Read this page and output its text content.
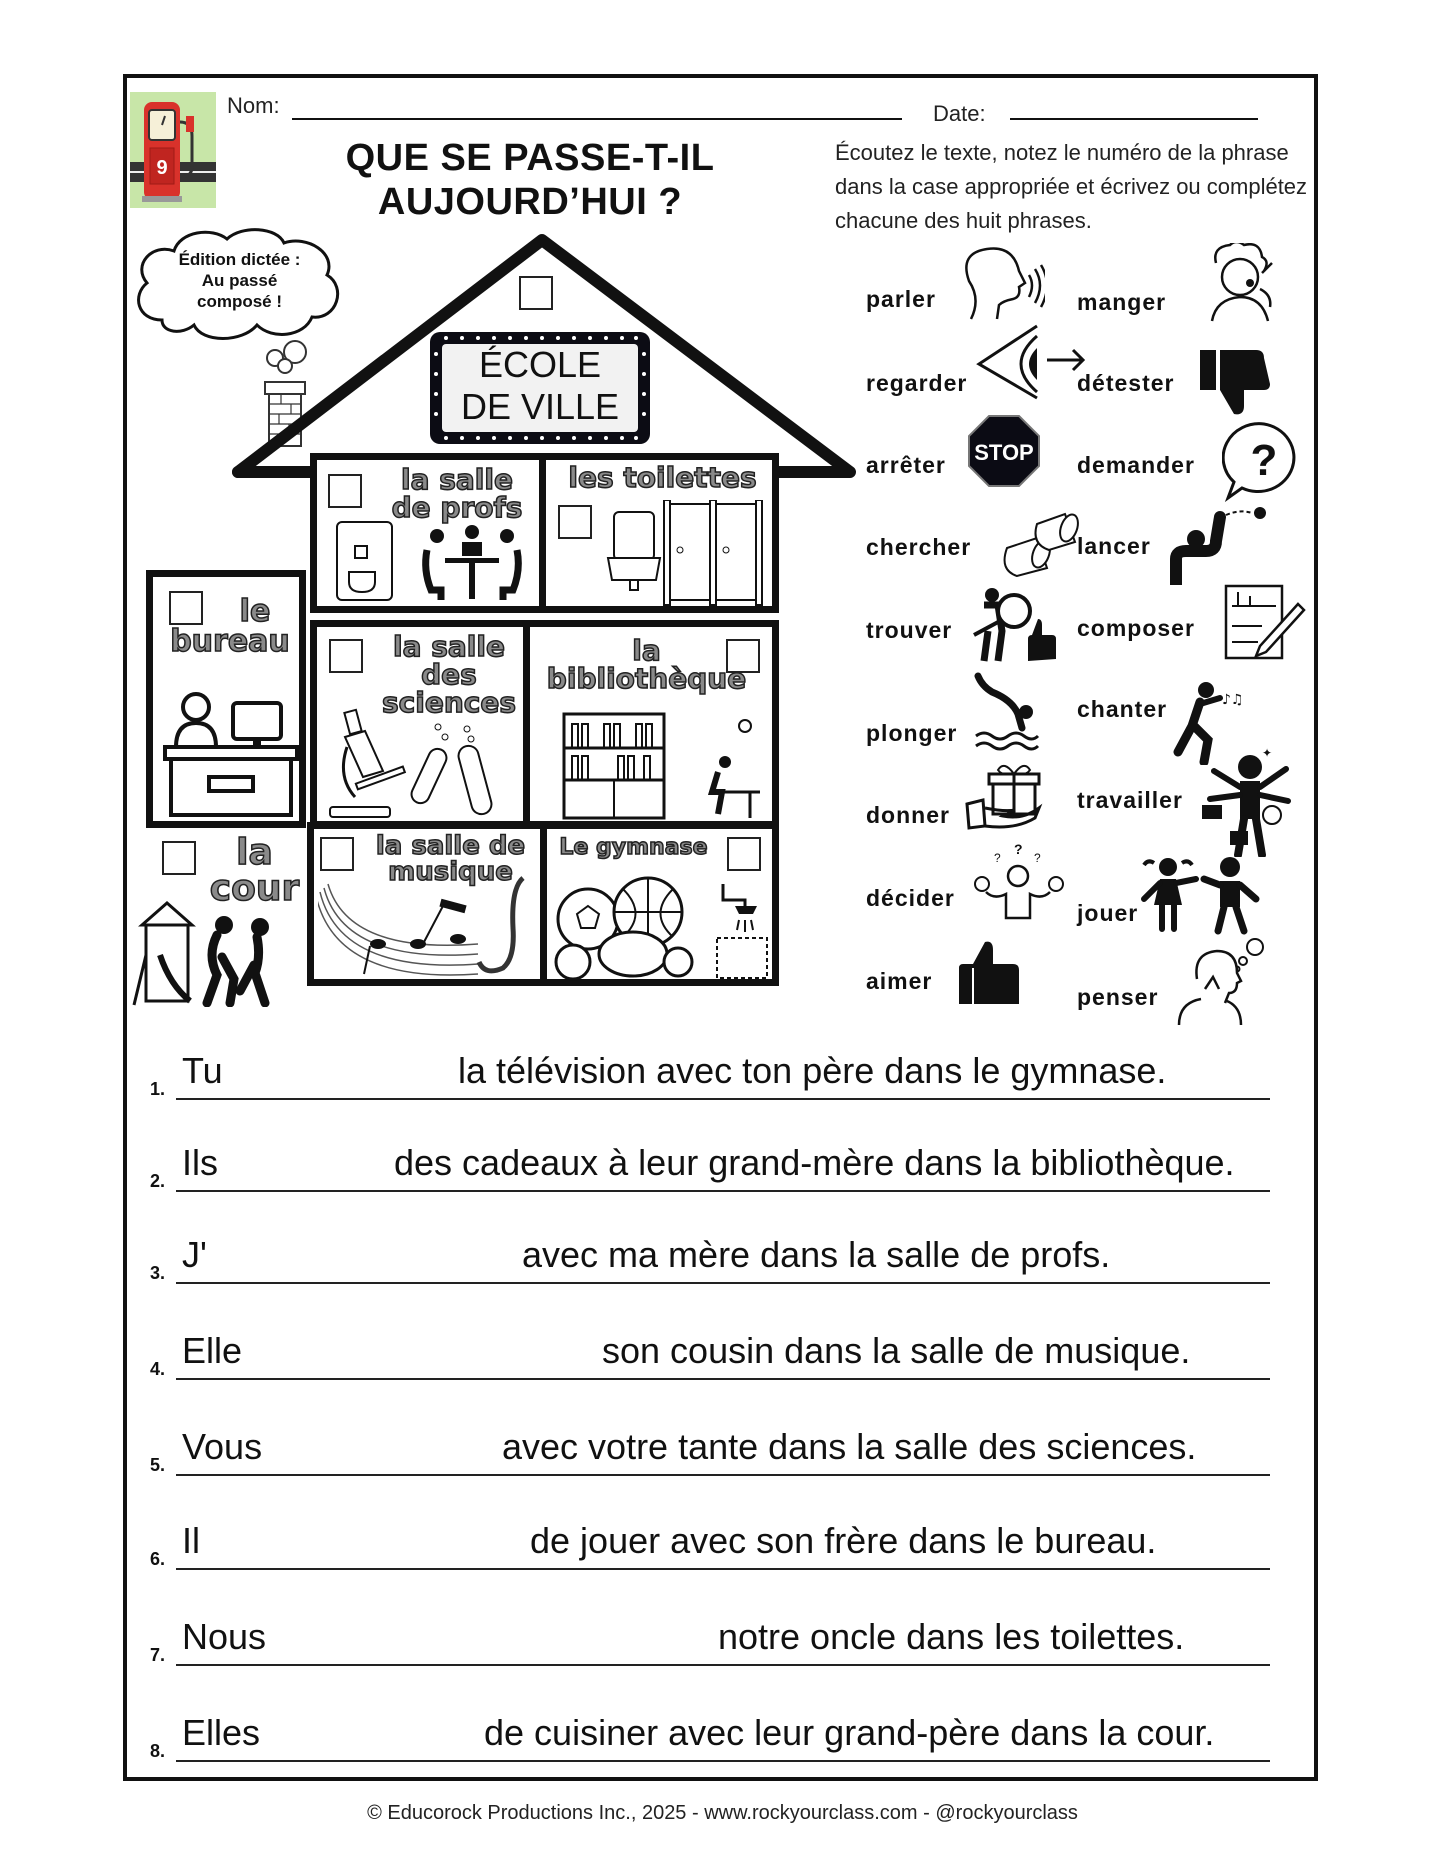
9
Nom:	Date:
QUE SE PASSE-T-IL
AUJOURD’HUI ?
Écoutez le texte, notez le numéro de la phrase dans la case appropriée et écrivez ou complétez chacune des huit phrases.
Édition dictée :
Au passé
composé !
ÉCOLE
DE VILLE
la salle
de profs
les toilettes
le
bureau	la salle
des
sciences
la
bibliothèque
la
cour
la salle de
musique
Le gymnase
parler
regarder
arrêter STOP
chercher
trouver
plonger
donner
décider
?
?	?
aimer
manger
détester
demander ?
lancer
composer
chanter	♪♫
travailler
✦
jouer
penser
1. Tu	la télévision avec ton père dans le gymnase.
2. Ils	des cadeaux à leur grand-mère dans la bibliothèque.
3. J'	avec ma mère dans la salle de profs.
4. Elle	son cousin dans la salle de musique.
5. Vous	avec votre tante dans la salle des sciences.
6. Il	de jouer avec son frère dans le bureau.
7. Nous	notre oncle dans les toilettes.
8. Elles	de cuisiner avec leur grand-père dans la cour.
© Educorock Productions Inc., 2025 - www.rockyourclass.com - @rockyourclass
